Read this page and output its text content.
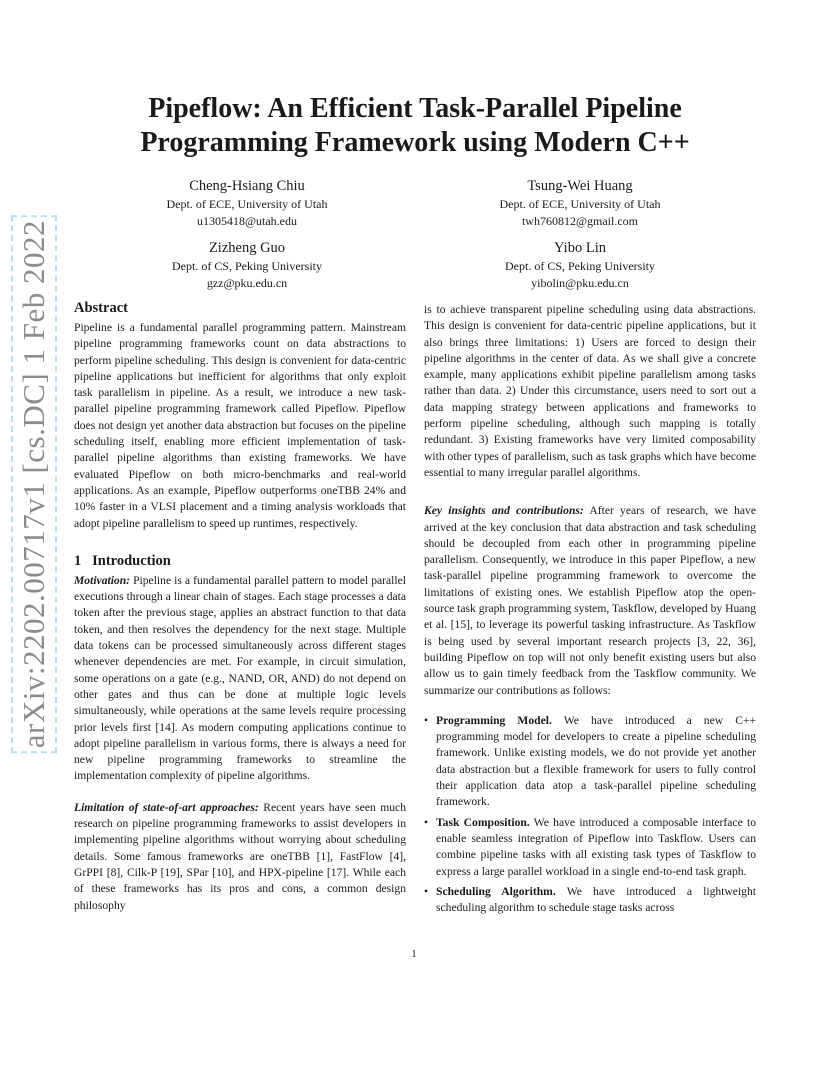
arXiv:2202.00717v1 [cs.DC] 1 Feb 2022
Pipeflow: An Efficient Task-Parallel Pipeline Programming Framework using Modern C++
Cheng-Hsiang Chiu
Dept. of ECE, University of Utah
u1305418@utah.edu
Tsung-Wei Huang
Dept. of ECE, University of Utah
twh760812@gmail.com
Zizheng Guo
Dept. of CS, Peking University
gzz@pku.edu.cn
Yibo Lin
Dept. of CS, Peking University
yibolin@pku.edu.cn
Abstract

Pipeline is a fundamental parallel programming pattern. Mainstream pipeline programming frameworks count on data abstractions to perform pipeline scheduling. This design is convenient for data-centric pipeline applications but inefficient for algorithms that only exploit task parallelism in pipeline. As a result, we introduce a new task-parallel pipeline programming framework called Pipeflow. Pipeflow does not design yet another data abstraction but focuses on the pipeline scheduling itself, enabling more efficient implementation of task-parallel pipeline algorithms than existing frameworks. We have evaluated Pipeflow on both micro-benchmarks and real-world applications. As an example, Pipeflow outperforms oneTBB 24% and 10% faster in a VLSI placement and a timing analysis workloads that adopt pipeline parallelism to speed up runtimes, respectively.

1 Introduction

Motivation: Pipeline is a fundamental parallel pattern to model parallel executions through a linear chain of stages. Each stage processes a data token after the previous stage, applies an abstract function to that data token, and then resolves the dependency for the next stage. Multiple data tokens can be processed simultaneously across different stages whenever dependencies are met. For example, in circuit simulation, some operations on a gate (e.g., NAND, OR, AND) do not depend on other gates and thus can be done at multiple logic levels simultaneously, while operations at the same levels require processing prior levels first [14]. As modern computing applications continue to adopt pipeline parallelism in various forms, there is always a need for new pipeline programming frameworks to streamline the implementation complexity of pipeline algorithms.

Limitation of state-of-art approaches: Recent years have seen much research on pipeline programming frameworks to assist developers in implementing pipeline algorithms without worrying about scheduling details. Some famous frameworks are oneTBB [1], FastFlow [4], GrPPI [8], Cilk-P [19], SPar [10], and HPX-pipeline [17]. While each of these frameworks has its pros and cons, a common design philosophy

is to achieve transparent pipeline scheduling using data abstractions. This design is convenient for data-centric pipeline applications, but it also brings three limitations: 1) Users are forced to design their pipeline algorithms in the center of data. As we shall give a concrete example, many applications exhibit pipeline parallelism among tasks rather than data. 2) Under this circumstance, users need to sort out a data mapping strategy between applications and frameworks to perform pipeline scheduling, although such mapping is totally redundant. 3) Existing frameworks have very limited composability with other types of parallelism, such as task graphs which have become essential to many irregular parallel algorithms.

Key insights and contributions: After years of research, we have arrived at the key conclusion that data abstraction and task scheduling should be decoupled from each other in programming pipeline parallelism. Consequently, we introduce in this paper Pipeflow, a new task-parallel pipeline programming framework to overcome the limitations of existing ones. We establish Pipeflow atop the open-source task graph programming system, Taskflow, developed by Huang et al. [15], to leverage its powerful tasking infrastructure. As Taskflow is being used by several important research projects [3, 22, 36], building Pipeflow on top will not only benefit existing users but also allow us to gain timely feedback from the Taskflow community. We summarize our contributions as follows:

• Programming Model. We have introduced a new C++ programming model for developers to create a pipeline scheduling framework. Unlike existing models, we do not provide yet another data abstraction but a flexible framework for users to fully control their application data atop a task-parallel pipeline scheduling framework.
• Task Composition. We have introduced a composable interface to enable seamless integration of Pipeflow into Taskflow. Users can combine pipeline tasks with all existing task types of Taskflow to express a large parallel workload in a single end-to-end task graph.
• Scheduling Algorithm. We have introduced a lightweight scheduling algorithm to schedule stage tasks across
1
